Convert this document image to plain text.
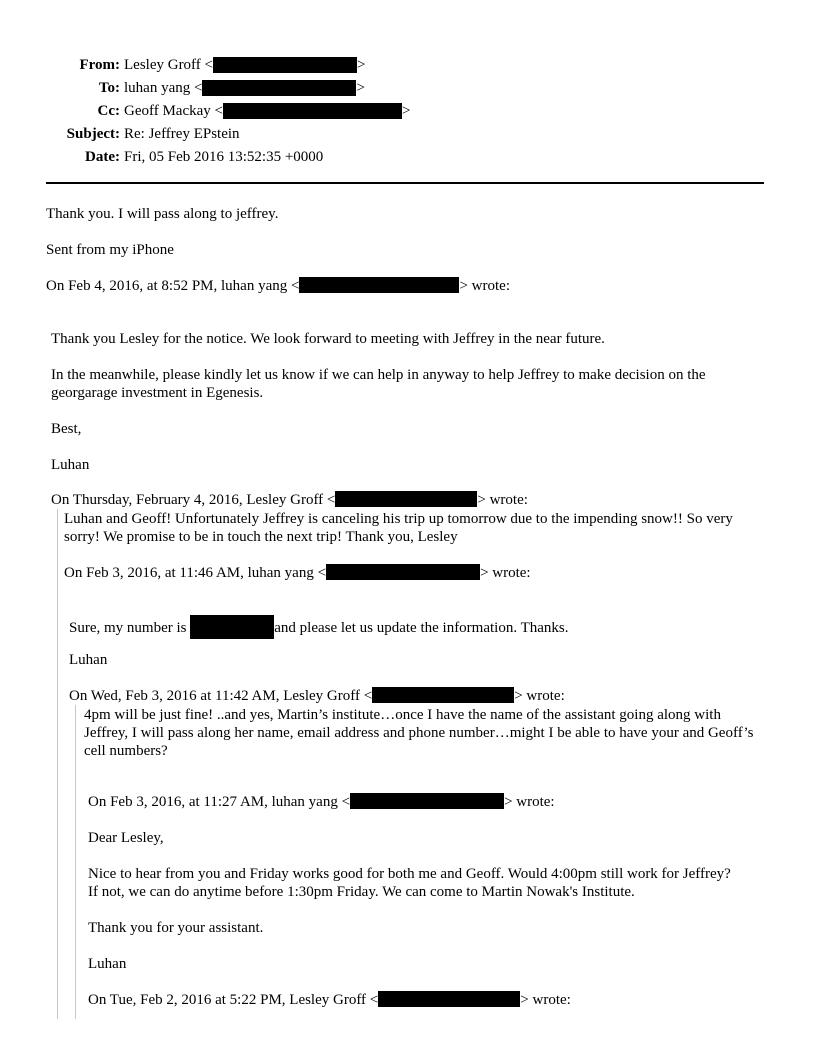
From: Lesley Groff <	>
To: luhan yang <	>
Cc: Geoff Mackay <	>
Subject: Re: Jeffrey EPstein
Date: Fri, 05 Feb 2016 13:52:35 +0000
Thank you. I will pass along to jeffrey.
Sent from my iPhone
On Feb 4, 2016, at 8:52 PM, luhan yang <	> wrote:
Thank you Lesley for the notice. We look forward to meeting with Jeffrey in the near future.
In the meanwhile, please kindly let us know if we can help in anyway to help Jeffrey to make decision on the georgarage investment in Egenesis.
Best,
Luhan
On Thursday, February 4, 2016, Lesley Groff <	> wrote:
Luhan and Geoff! Unfortunately Jeffrey is canceling his trip up tomorrow due to the impending snow!! So very sorry! We promise to be in touch the next trip! Thank you, Lesley
On Feb 3, 2016, at 11:46 AM, luhan yang <	> wrote:
Sure, my number is	and please let us update the information. Thanks.
Luhan
On Wed, Feb 3, 2016 at 11:42 AM, Lesley Groff <	> wrote:
4pm will be just fine! ..and yes, Martin’s institute…once I have the name of the assistant going along with Jeffrey, I will pass along her name, email address and phone number…might I be able to have your and Geoff’s cell numbers?
On Feb 3, 2016, at 11:27 AM, luhan yang <	> wrote:
Dear Lesley,
Nice to hear from you and Friday works good for both me and Geoff. Would 4:00pm still work for Jeffrey? If not, we can do anytime before 1:30pm Friday. We can come to Martin Nowak's Institute.
Thank you for your assistant.
Luhan
On Tue, Feb 2, 2016 at 5:22 PM, Lesley Groff <	> wrote:
